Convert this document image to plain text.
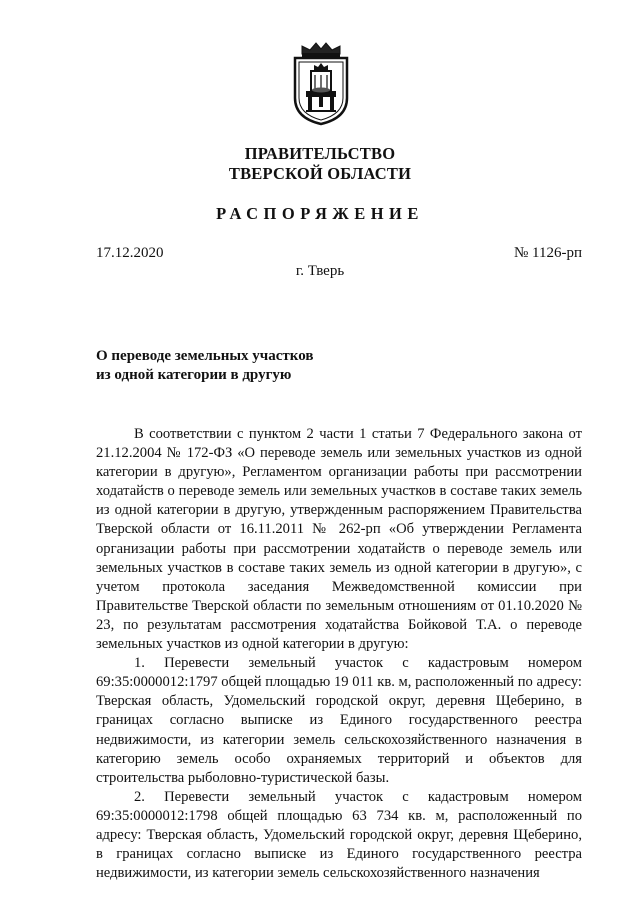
ПРАВИТЕЛЬСТВО
ТВЕРСКОЙ ОБЛАСТИ
РАСПОРЯЖЕНИЕ
17.12.2020	№ 1126-рп
г. Тверь
О переводе земельных участков
из одной категории в другую

В соответствии с пунктом 2 части 1 статьи 7 Федерального закона от 21.12.2004 № 172-ФЗ «О переводе земель или земельных участков из одной категории в другую», Регламентом организации работы при рассмотрении ходатайств о переводе земель или земельных участков в составе таких земель из одной категории в другую, утвержденным распоряжением Правительства Тверской области от 16.11.2011 № 262-рп «Об утверждении Регламента организации работы при рассмотрении ходатайств о переводе земель или земельных участков в составе таких земель из одной категории в другую», с учетом протокола заседания Межведомственной комиссии при Правительстве Тверской области по земельным отношениям от 01.10.2020 № 23, по результатам рассмотрения ходатайства Бойковой Т.А. о переводе земельных участков из одной категории в другую:

1. Перевести земельный участок с кадастровым номером 69:35:0000012:1797 общей площадью 19 011 кв. м, расположенный по адресу: Тверская область, Удомельский городской округ, деревня Щеберино, в границах согласно выписке из Единого государственного реестра недвижимости, из категории земель сельскохозяйственного назначения в категорию земель особо охраняемых территорий и объектов для строительства рыболовно-туристической базы.

2. Перевести земельный участок с кадастровым номером 69:35:0000012:1798 общей площадью 63 734 кв. м, расположенный по адресу: Тверская область, Удомельский городской округ, деревня Щеберино, в границах согласно выписке из Единого государственного реестра недвижимости, из категории земель сельскохозяйственного назначения
